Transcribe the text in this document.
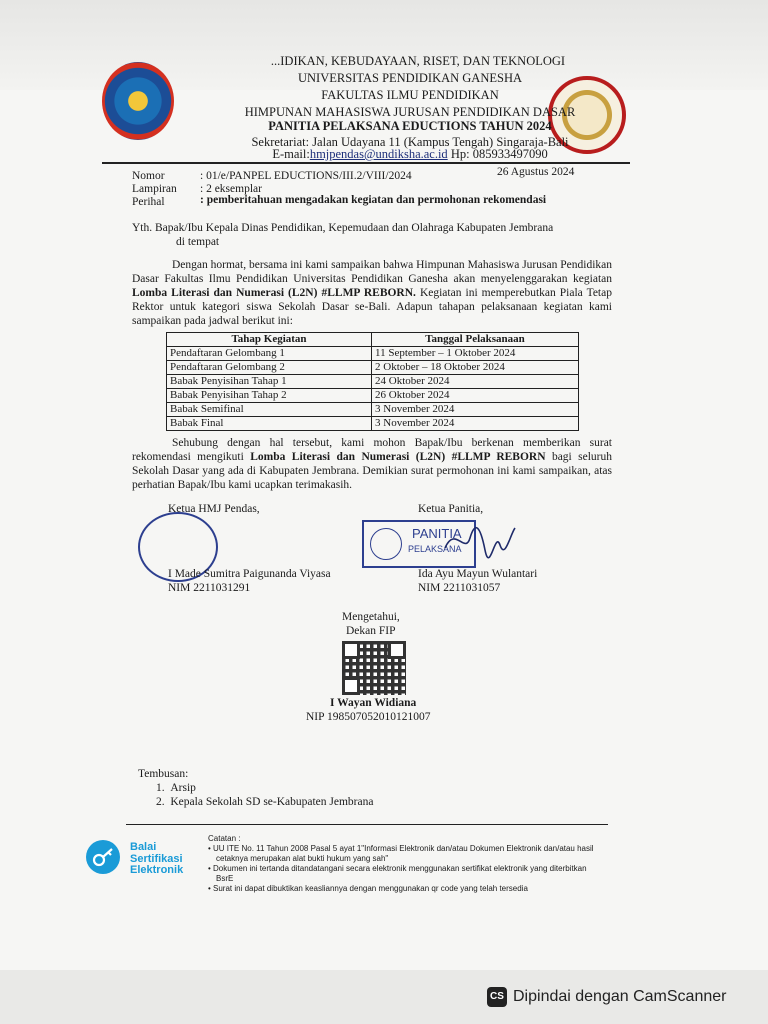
...IDIKAN, KEBUDAYAAN, RISET, DAN TEKNOLOGI
UNIVERSITAS PENDIDIKAN GANESHA
FAKULTAS ILMU PENDIDIKAN
HIMPUNAN MAHASISWA JURUSAN PENDIDIKAN DASAR
PANITIA PELAKSANA EDUCTIONS TAHUN 2024
Sekretariat: Jalan Udayana 11 (Kampus Tengah) Singaraja-Bali
E-mail:hmjpendas@undiksha.ac.id Hp: 085933497090
Nomor	: 01/e/PANPEL EDUCTIONS/III.2/VIII/2024	26 Agustus 2024
Lampiran : 2 eksemplar
Perihal	: pemberitahuan mengadakan kegiatan dan permohonan rekomendasi
Yth. Bapak/Ibu Kepala Dinas Pendidikan, Kepemudaan dan Olahraga Kabupaten Jembrana
di tempat
Dengan hormat, bersama ini kami sampaikan bahwa Himpunan Mahasiswa Jurusan Pendidikan Dasar Fakultas Ilmu Pendidikan Universitas Pendidikan Ganesha akan menyelenggarakan kegiatan Lomba Literasi dan Numerasi (L2N) #LLMP REBORN. Kegiatan ini memperebutkan Piala Tetap Rektor untuk kategori siswa Sekolah Dasar se-Bali. Adapun tahapan pelaksanaan kegiatan kami sampaikan pada jadwal berikut ini:
Tahap Kegiatan	Tanggal Pelaksanaan
Pendaftaran Gelombang 1	11 September – 1 Oktober 2024
Pendaftaran Gelombang 2	2 Oktober – 18 Oktober 2024
Babak Penyisihan Tahap 1	24 Oktober 2024
Babak Penyisihan Tahap 2	26 Oktober 2024
Babak Semifinal	3 November 2024
Babak Final	3 November 2024
Sehubung dengan hal tersebut, kami mohon Bapak/Ibu berkenan memberikan surat rekomendasi mengikuti Lomba Literasi dan Numerasi (L2N) #LLMP REBORN bagi seluruh Sekolah Dasar yang ada di Kabupaten Jembrana. Demikian surat permohonan ini kami sampaikan, atas perhatian Bapak/Ibu kami ucapkan terimakasih.
Ketua HMJ Pendas,
I Made Sumitra Paigunanda Viyasa
NIM 2211031291
Ketua Panitia,
PANITIA
PELAKSANA
Ida Ayu Mayun Wulantari
NIM 2211031057
Mengetahui,
Dekan FIP
I Wayan Widiana
NIP 198507052010121007
Tembusan:
1.  Arsip
2.  Kepala Sekolah SD se-Kabupaten Jembrana
Balai
Sertifikasi
Elektronik
Catatan :
• UU ITE No. 11 Tahun 2008 Pasal 5 ayat 1"Informasi Elektronik dan/atau Dokumen Elektronik dan/atau hasil
cetaknya merupakan alat bukti hukum yang sah"
• Dokumen ini tertanda ditandatangani secara elektronik menggunakan sertifikat elektronik yang diterbitkan
BsrE
• Surat ini dapat dibuktikan keasliannya dengan menggunakan qr code yang telah tersedia
CS Dipindai dengan CamScanner
